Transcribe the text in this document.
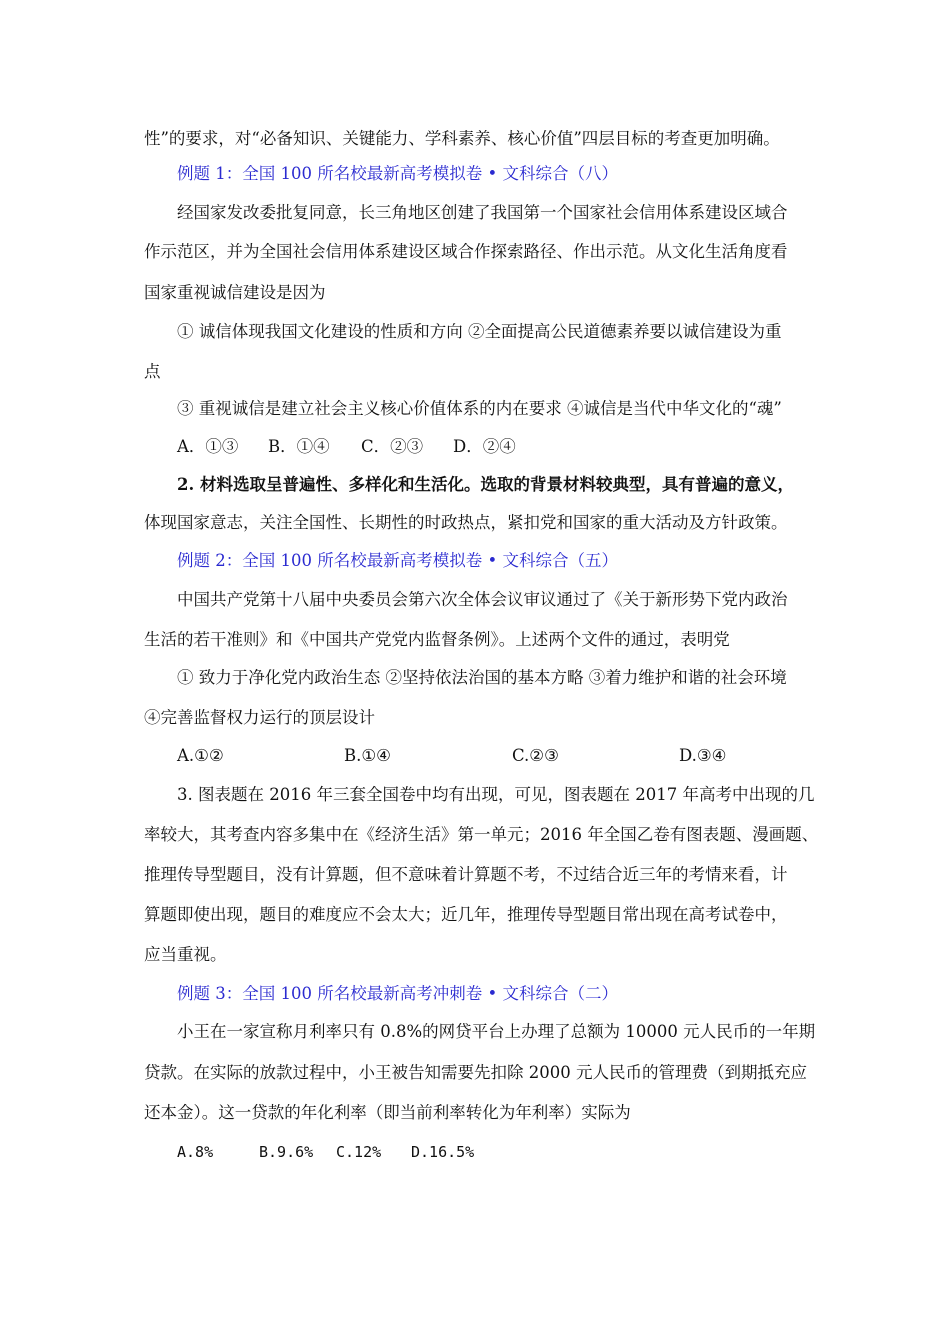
性”的要求，对“必备知识、关键能力、学科素养、核心价值”四层目标的考查更加明确。
例题 1：全国 100 所名校最新高考模拟卷 • 文科综合（八）
经国家发改委批复同意，长三角地区创建了我国第一个国家社会信用体系建设区域合
作示范区，并为全国社会信用体系建设区域合作探索路径、作出示范。从文化生活角度看
国家重视诚信建设是因为
① 诚信体现我国文化建设的性质和方向 ②全面提高公民道德素养要以诚信建设为重
点
③ 重视诚信是建立社会主义核心价值体系的内在要求 ④诚信是当代中华文化的“魂”
A．①③ B．①④ C．②③ D．②④
2. 材料选取呈普遍性、多样化和生活化。选取的背景材料较典型，具有普遍的意义，
体现国家意志，关注全国性、长期性的时政热点，紧扣党和国家的重大活动及方针政策。
例题 2：全国 100 所名校最新高考模拟卷 • 文科综合（五）
中国共产党第十八届中央委员会第六次全体会议审议通过了《关于新形势下党内政治
生活的若干准则》和《中国共产党党内监督条例》。上述两个文件的通过，表明党
① 致力于净化党内政治生态 ②坚持依法治国的基本方略 ③着力维护和谐的社会环境
④完善监督权力运行的顶层设计
A.①②	B.①④	C.②③	D.③④
3. 图表题在 2016 年三套全国卷中均有出现，可见，图表题在 2017 年高考中出现的几
率较大，其考查内容多集中在《经济生活》第一单元；2016 年全国乙卷有图表题、漫画题、
推理传导型题目，没有计算题，但不意味着计算题不考，不过结合近三年的考情来看，计
算题即使出现，题目的难度应不会太大；近几年，推理传导型题目常出现在高考试卷中，
应当重视。
例题 3：全国 100 所名校最新高考冲刺卷 • 文科综合（二）
小王在一家宣称月利率只有 0.8%的网贷平台上办理了总额为 10000 元人民币的一年期
贷款。在实际的放款过程中，小王被告知需要先扣除 2000 元人民币的管理费（到期抵充应
还本金）。这一贷款的年化利率（即当前利率转化为年利率）实际为
A.8%	B.9.6% C.12% D.16.5%
